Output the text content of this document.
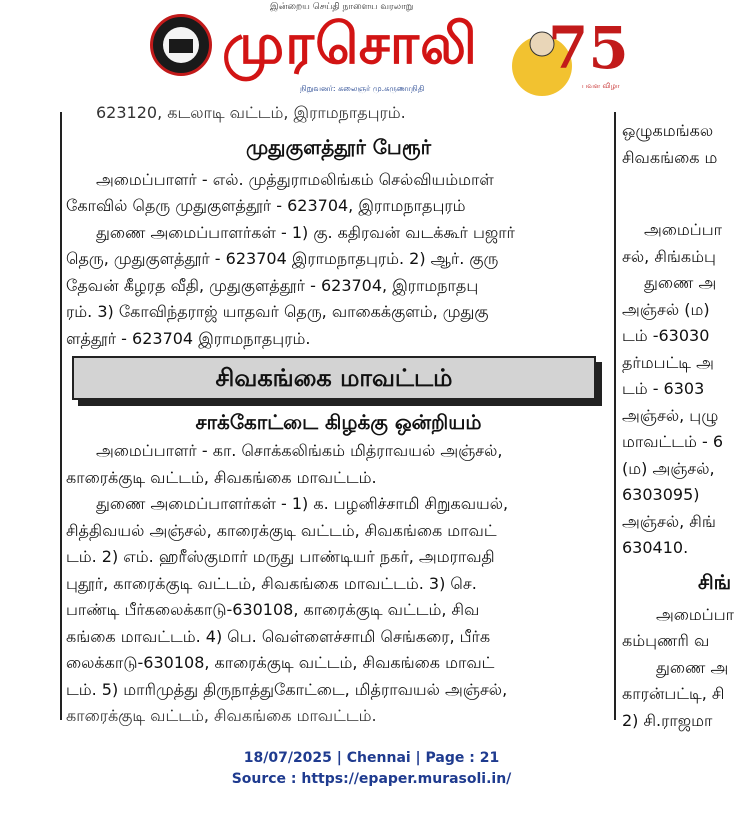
இன்றைய செய்தி நாளைய வரலாறு
முரசொலி
நிறுவனர்: கலைஞர் மு.கருணாநிதி
75
பவள விழா

623120, கடலாடி வட்டம், இராமநாதபுரம்.

முதுகுளத்தூர் பேரூர்

அமைப்பாளர் - எல். முத்துராமலிங்கம் செல்வியம்மாள்

கோவில் தெரு முதுகுளத்தூர் - 623704, இராமநாதபுரம்

துணை அமைப்பாளர்கள் - 1) கு. கதிரவன் வடக்கூர் பஜார்

தெரு, முதுகுளத்தூர் - 623704 இராமநாதபுரம். 2) ஆர். குரு

தேவன் கீழரத வீதி, முதுகுளத்தூர் - 623704, இராமநாதபு

ரம். 3) கோவிந்தராஜ் யாதவர் தெரு, வாகைக்குளம், முதுகு

ளத்தூர் - 623704 இராமநாதபுரம்.

சிவகங்கை மாவட்டம்

சாக்கோட்டை கிழக்கு ஒன்றியம்

அமைப்பாளர் - கா. சொக்கலிங்கம் மித்ராவயல் அஞ்சல்,

காரைக்குடி வட்டம், சிவகங்கை மாவட்டம்.

துணை அமைப்பாளர்கள் - 1) க. பழனிச்சாமி சிறுகவயல்,

சித்திவயல் அஞ்சல், காரைக்குடி வட்டம், சிவகங்கை மாவட்

டம். 2) எம். ஹரீஸ்குமார் மருது பாண்டியர் நகர், அமராவதி

புதூர், காரைக்குடி வட்டம், சிவகங்கை மாவட்டம். 3) செ.

பாண்டி பீர்கலைக்காடு-630108, காரைக்குடி வட்டம், சிவ

கங்கை மாவட்டம். 4) பெ. வெள்ளைச்சாமி செங்கரை, பீர்க

லைக்காடு-630108, காரைக்குடி வட்டம், சிவகங்கை மாவட்

டம். 5) மாரிமுத்து திருநாத்துகோட்டை, மித்ராவயல் அஞ்சல்,

காரைக்குடி வட்டம், சிவகங்கை மாவட்டம்.

ஒழுகமங்கல

சிவகங்கை ம

அமைப்பா

சல், சிங்கம்பு

துணை அ

அஞ்சல் (ம)

டம் -63030

தர்மபட்டி அ

டம் - 6303

அஞ்சல், புழு

மாவட்டம் - 6

(ம) அஞ்சல்,

6303095)

அஞ்சல், சிங்

630410.

சிங்

அமைப்பா

கம்புணரி வ

துணை அ

காரன்பட்டி, சி

2) சி.ராஜமா

18/07/2025 | Chennai | Page : 21
Source : https://epaper.murasoli.in/
